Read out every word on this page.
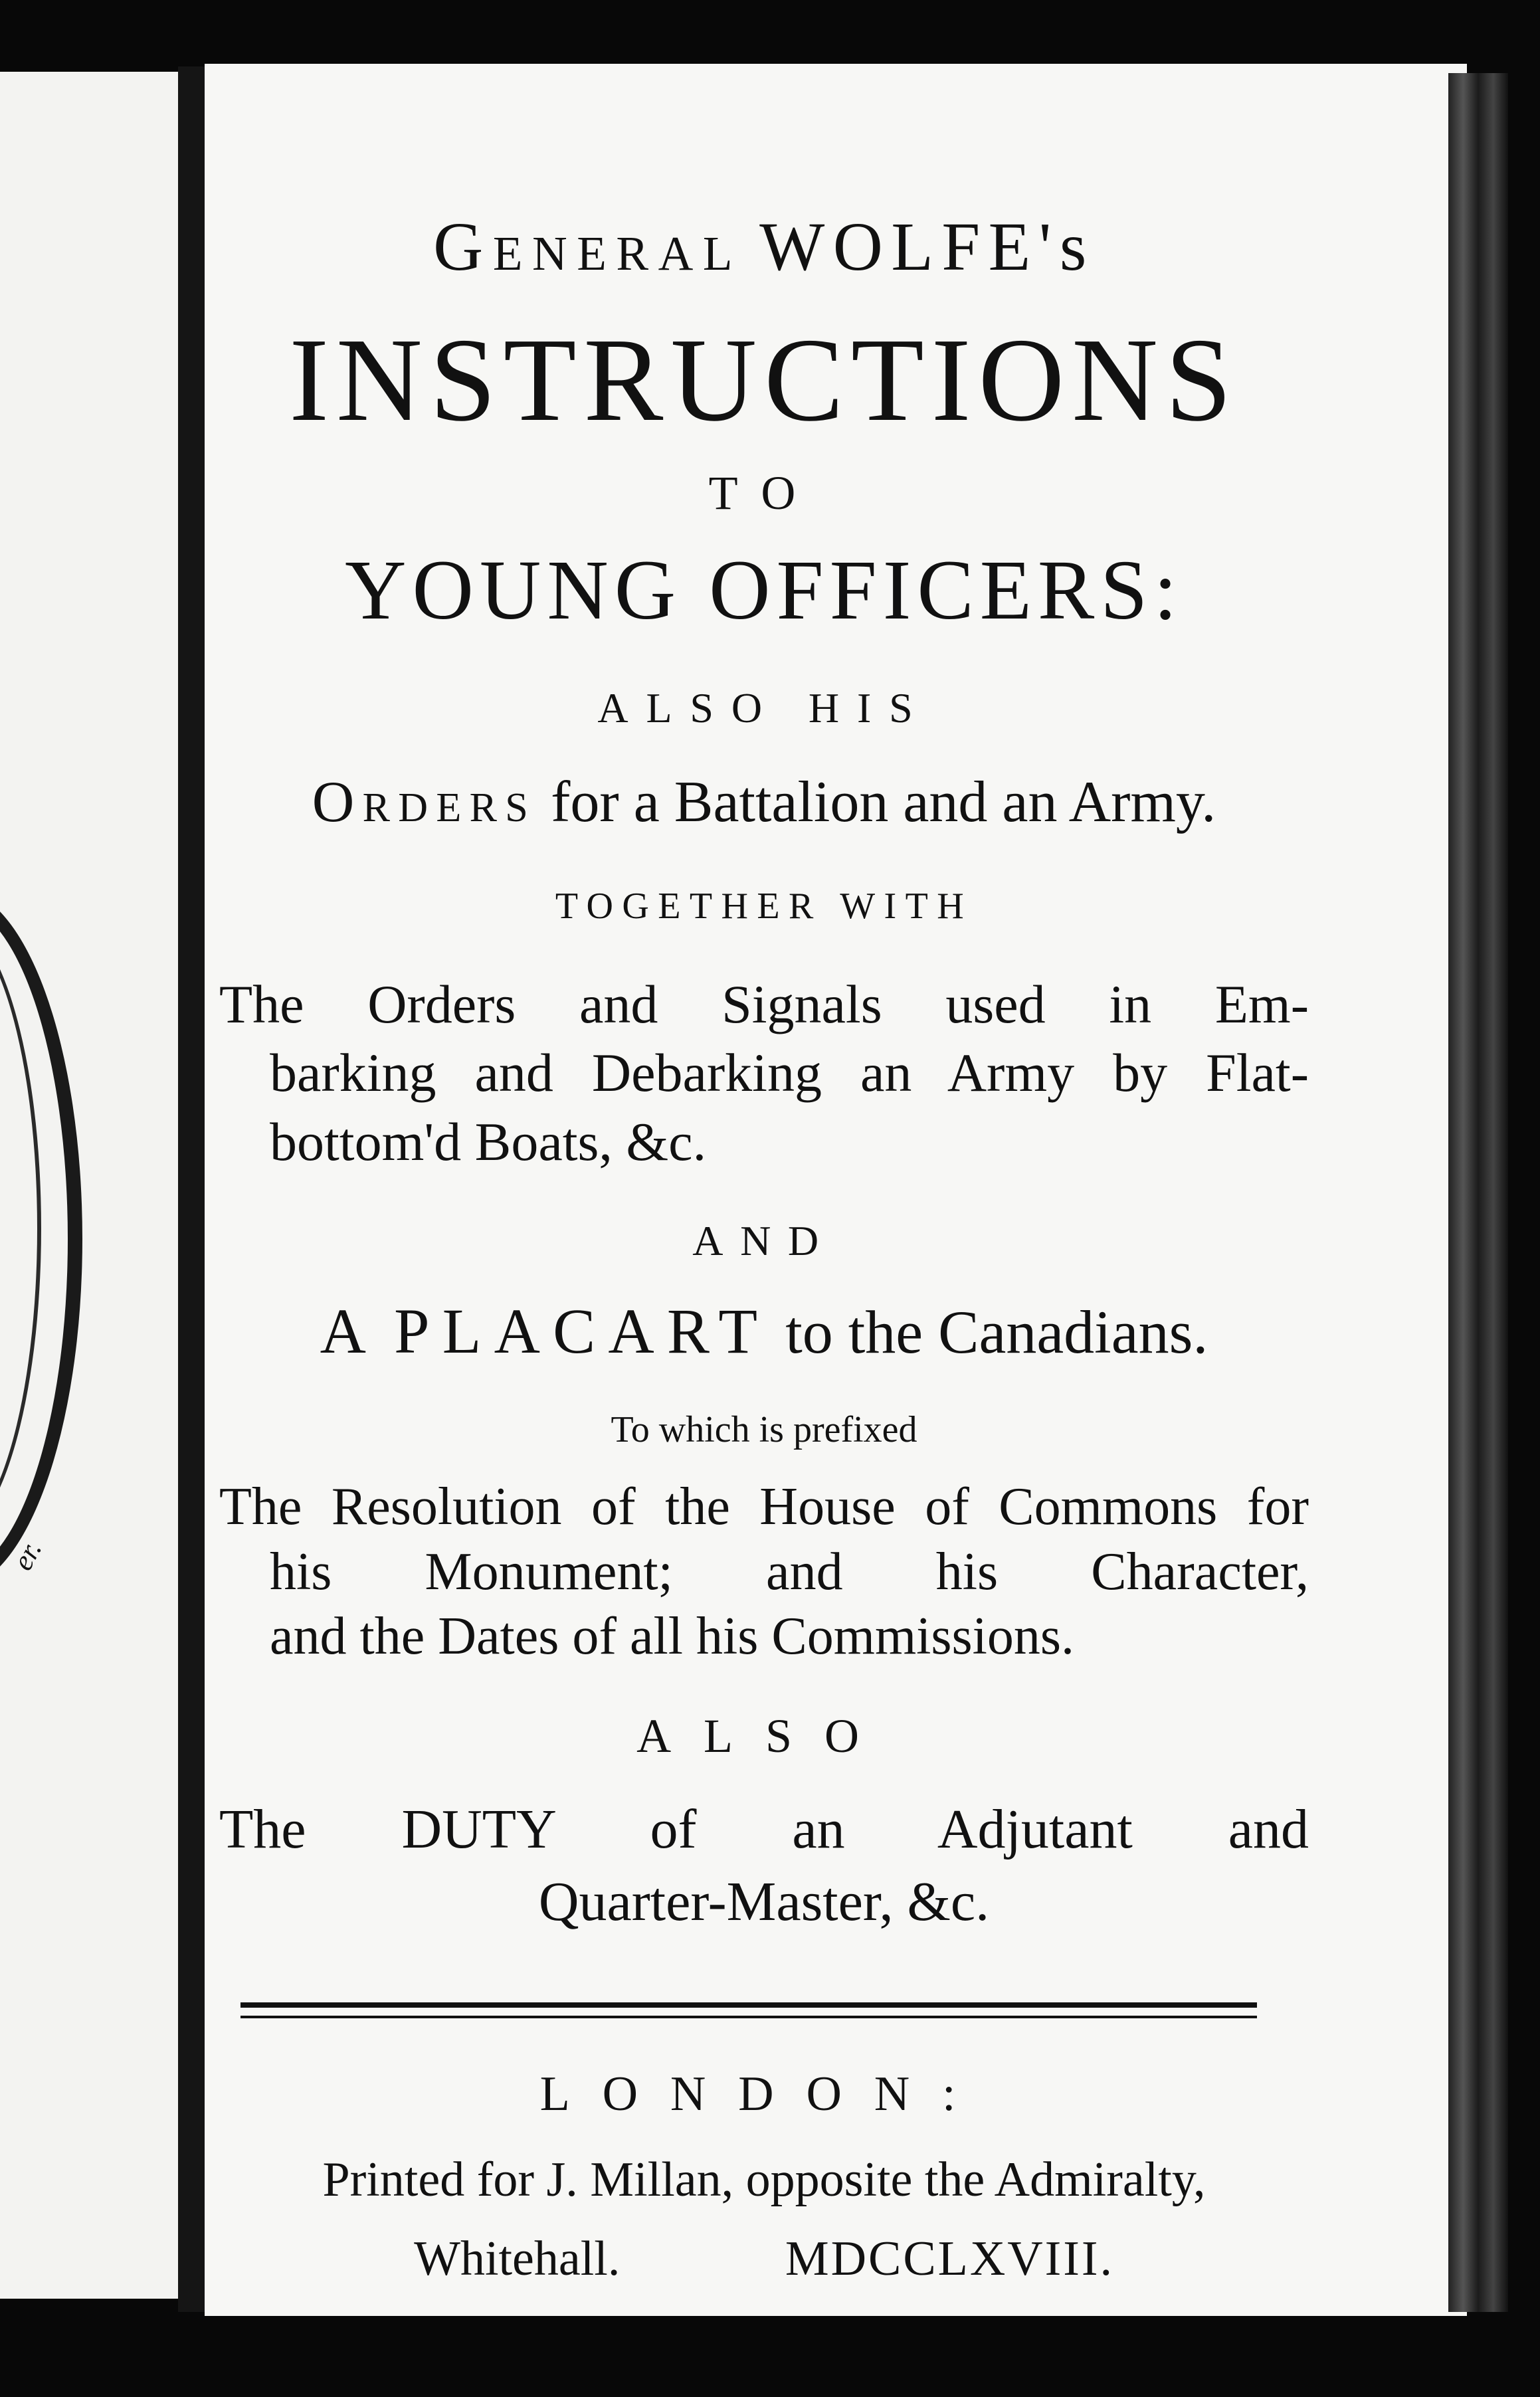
er.
General WOLFE's
INSTRUCTIONS
TO
YOUNG OFFICERS:
ALSO HIS
Orders for a Battalion and an Army.
TOGETHER WITH
The Orders and Signals used in Em-
barking and Debarking an Army by Flat-
bottom'd Boats, &c.
AND
A PLACART to the Canadians.
To which is prefixed
The Resolution of the House of Commons for
his Monument; and his Character,
and the Dates of all his Commissions.
ALSO
The DUTY of an Adjutant and
Quarter-Master, &c.
LONDON:
Printed for J. Millan, opposite the Admiralty,
Whitehall.	MDCCLXVIII.
